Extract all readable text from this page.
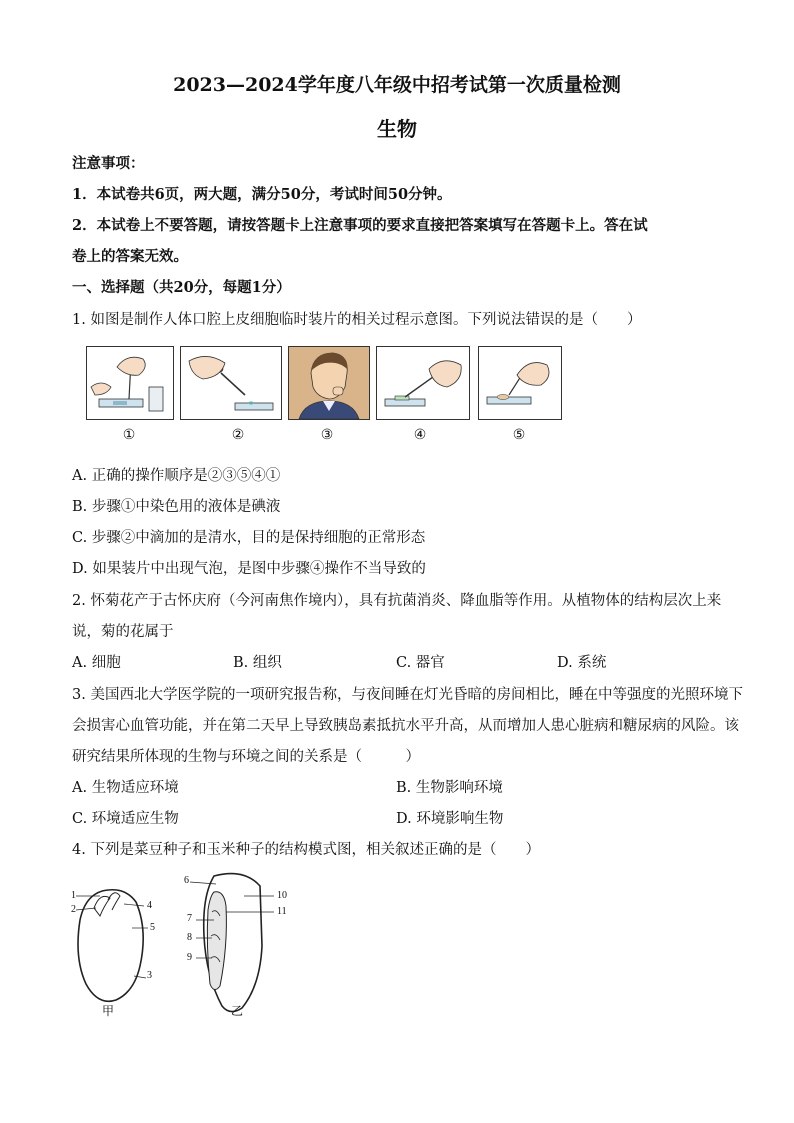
2023—2024学年度八年级中招考试第一次质量检测
生物
注意事项：
1．本试卷共6页，两大题，满分50分，考试时间50分钟。
2．本试卷上不要答题，请按答题卡上注意事项的要求直接把答案填写在答题卡上。答在试
卷上的答案无效。
一、选择题（共20分，每题1分）
1. 如图是制作人体口腔上皮细胞临时装片的相关过程示意图。下列说法错误的是（　　）
①	②	③	④	⑤
A. 正确的操作顺序是②③⑤④①
B. 步骤①中染色用的液体是碘液
C. 步骤②中滴加的是清水，目的是保持细胞的正常形态
D. 如果装片中出现气泡，是图中步骤④操作不当导致的
2. 怀菊花产于古怀庆府（今河南焦作境内），具有抗菌消炎、降血脂等作用。从植物体的结构层次上来
说，菊的花属于
A. 细胞	B. 组织	C. 器官	D. 系统
3. 美国西北大学医学院的一项研究报告称，与夜间睡在灯光昏暗的房间相比，睡在中等强度的光照环境下
会损害心血管功能，并在第二天早上导致胰岛素抵抗水平升高，从而增加人患心脏病和糖尿病的风险。该
研究结果所体现的生物与环境之间的关系是（　　　）
A. 生物适应环境	B. 生物影响环境
C. 环境适应生物	D. 环境影响生物
4. 下列是菜豆种子和玉米种子的结构模式图，相关叙述正确的是（　　）
1
2
3
4
5
6
7
8
9
10
11
甲	乙
